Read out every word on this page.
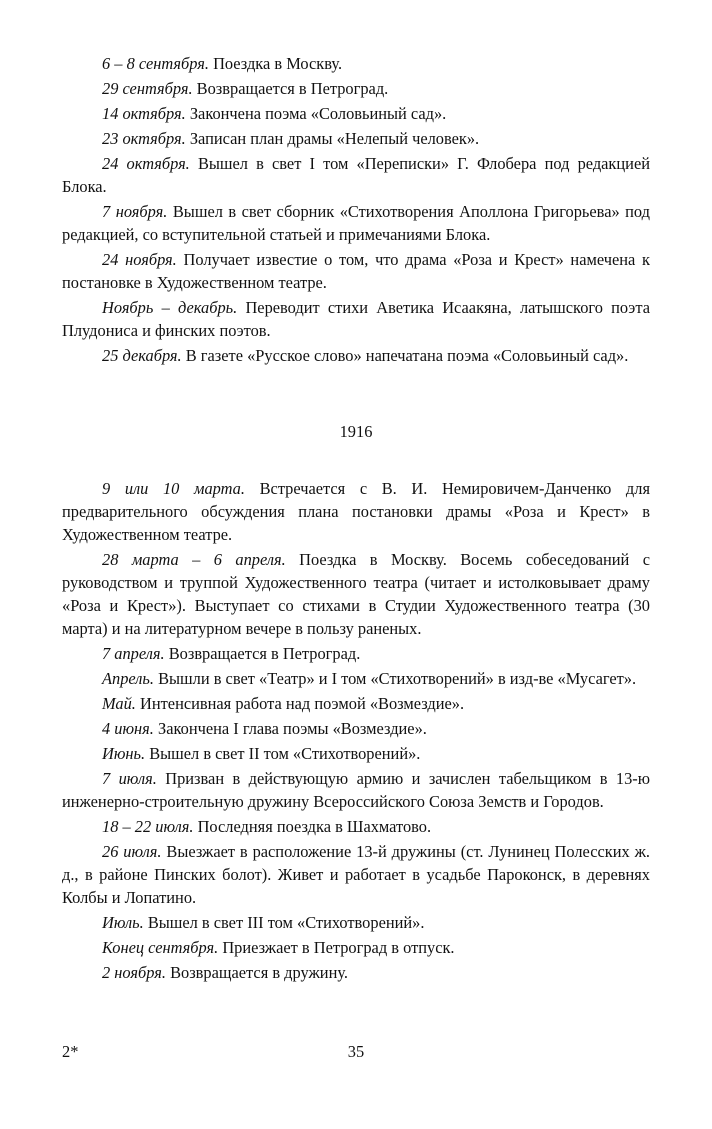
6 – 8 сентября. Поездка в Москву.

29 сентября. Возвращается в Петроград.

14 октября. Закончена поэма «Соловьиный сад».

23 октября. Записан план драмы «Нелепый человек».

24 октября. Вышел в свет I том «Переписки» Г. Флобера под редакцией Блока.

7 ноября. Вышел в свет сборник «Стихотворения Аполлона Григорьева» под редакцией, со вступительной статьей и примечаниями Блока.

24 ноября. Получает известие о том, что драма «Роза и Крест» намечена к постановке в Художественном театре.

Ноябрь – декабрь. Переводит стихи Аветика Исаакяна, латышского поэта Плудониса и финских поэтов.

25 декабря. В газете «Русское слово» напечатана поэма «Соловьиный сад».

1916

9 или 10 марта. Встречается с В. И. Немировичем-Данченко для предварительного обсуждения плана постановки драмы «Роза и Крест» в Художественном театре.

28 марта – 6 апреля. Поездка в Москву. Восемь собеседований с руководством и труппой Художественного театра (читает и истолковывает драму «Роза и Крест»). Выступает со стихами в Студии Художественного театра (30 марта) и на литературном вечере в пользу раненых.

7 апреля. Возвращается в Петроград.

Апрель. Вышли в свет «Театр» и I том «Стихотворений» в изд-ве «Мусагет».

Май. Интенсивная работа над поэмой «Возмездие».

4 июня. Закончена I глава поэмы «Возмездие».

Июнь. Вышел в свет II том «Стихотворений».

7 июля. Призван в действующую армию и зачислен табельщиком в 13-ю инженерно-строительную дружину Всероссийского Союза Земств и Городов.

18 – 22 июля. Последняя поездка в Шахматово.

26 июля. Выезжает в расположение 13-й дружины (ст. Лунинец Полесских ж. д., в районе Пинских болот). Живет и работает в усадьбе Пароконск, в деревнях Колбы и Лопатино.

Июль. Вышел в свет III том «Стихотворений».

Конец сентября. Приезжает в Петроград в отпуск.

2 ноября. Возвращается в дружину.

2*	35
